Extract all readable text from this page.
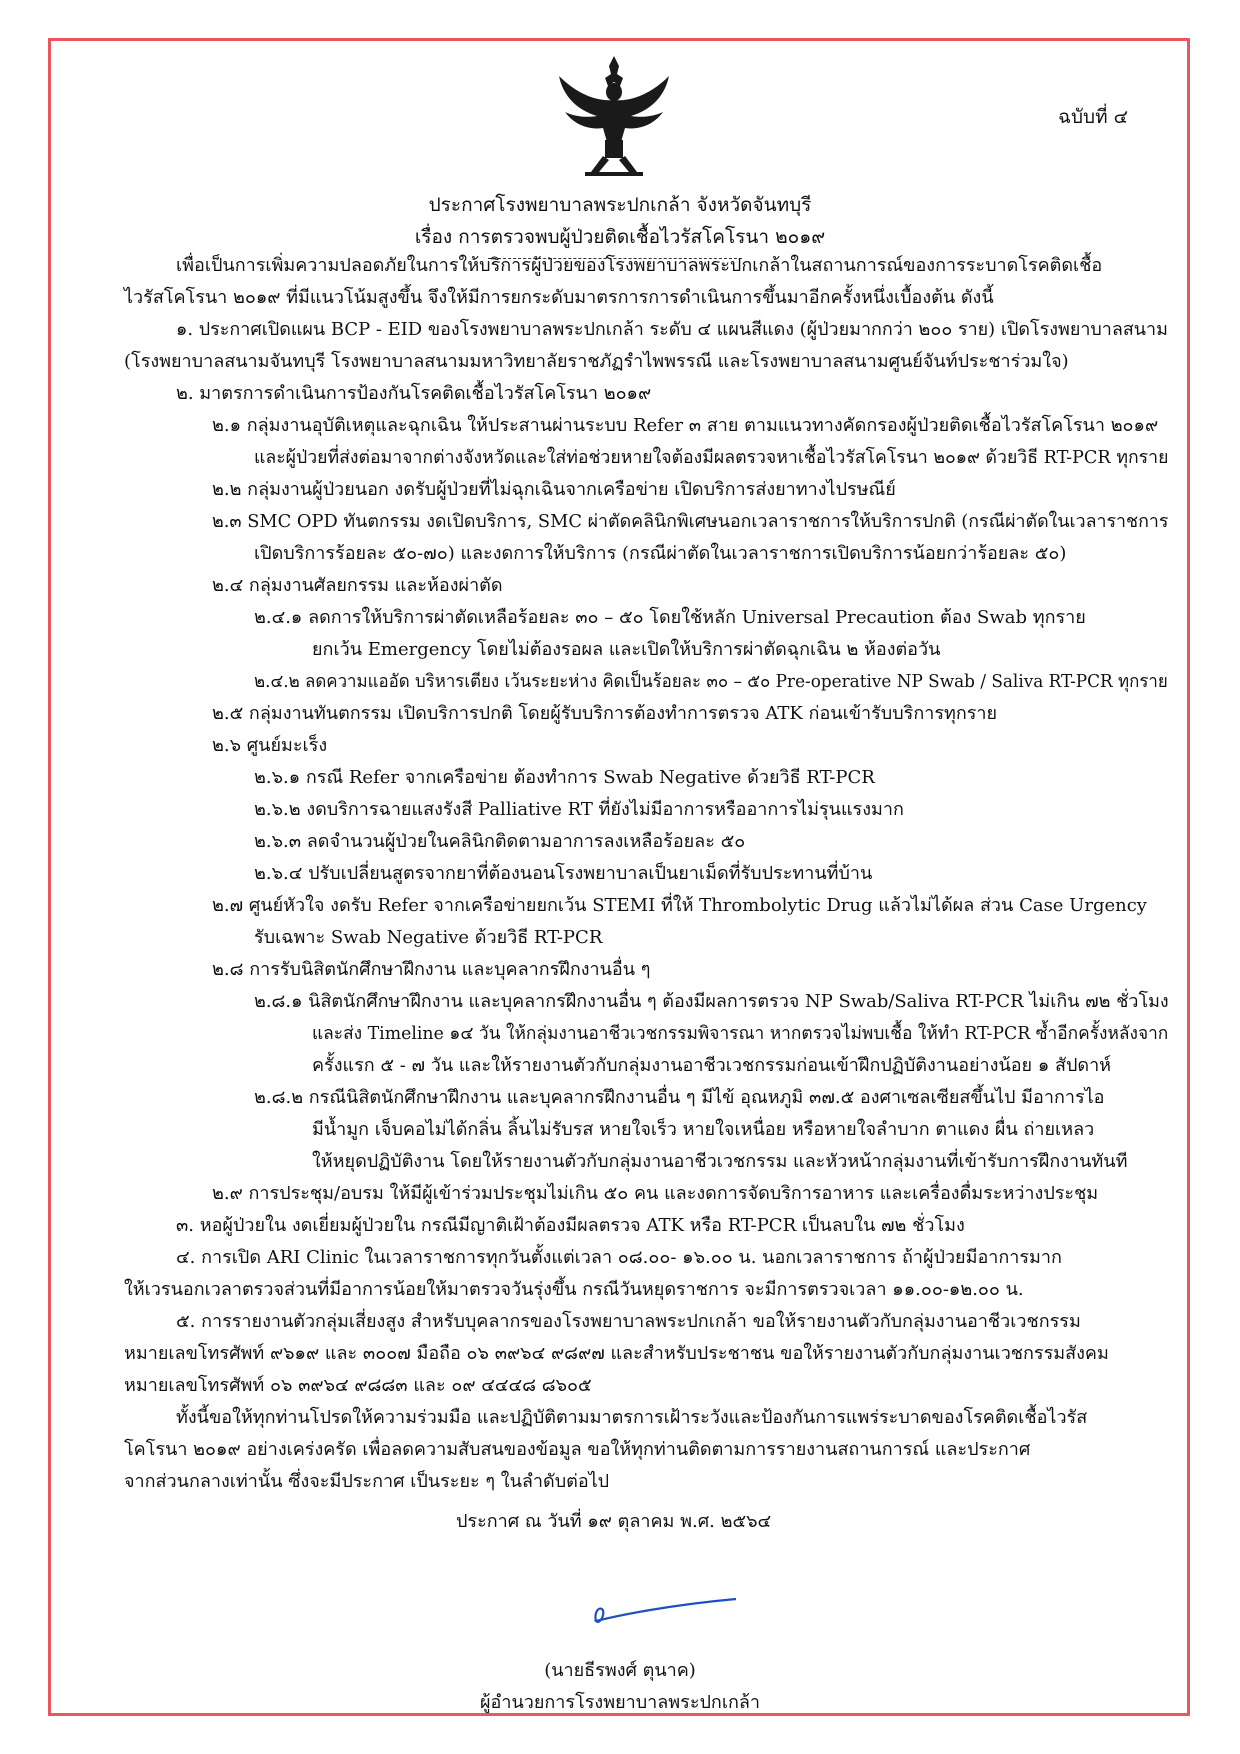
ฉบับที่ ๔
ประกาศโรงพยาบาลพระปกเกล้า จังหวัดจันทบุรี
เรื่อง การตรวจพบผู้ป่วยติดเชื้อไวรัสโคโรนา ๒๐๑๙
เพื่อเป็นการเพิ่มความปลอดภัยในการให้บริการผู้ป่วยของโรงพยาบาลพระปกเกล้าในสถานการณ์ของการระบาดโรคติดเชื้อ
ไวรัสโคโรนา ๒๐๑๙ ที่มีแนวโน้มสูงขึ้น จึงให้มีการยกระดับมาตรการการดำเนินการขึ้นมาอีกครั้งหนึ่งเบื้องต้น ดังนี้
๑. ประกาศเปิดแผน BCP - EID ของโรงพยาบาลพระปกเกล้า ระดับ ๔ แผนสีแดง (ผู้ป่วยมากกว่า ๒๐๐ ราย) เปิดโรงพยาบาลสนาม
(โรงพยาบาลสนามจันทบุรี โรงพยาบาลสนามมหาวิทยาลัยราชภัฏรำไพพรรณี และโรงพยาบาลสนามศูนย์จันท์ประชาร่วมใจ)
๒. มาตรการดำเนินการป้องกันโรคติดเชื้อไวรัสโคโรนา ๒๐๑๙
๒.๑ กลุ่มงานอุบัติเหตุและฉุกเฉิน ให้ประสานผ่านระบบ Refer ๓ สาย ตามแนวทางคัดกรองผู้ป่วยติดเชื้อไวรัสโคโรนา ๒๐๑๙
และผู้ป่วยที่ส่งต่อมาจากต่างจังหวัดและใส่ท่อช่วยหายใจต้องมีผลตรวจหาเชื้อไวรัสโคโรนา ๒๐๑๙ ด้วยวิธี RT-PCR ทุกราย
๒.๒ กลุ่มงานผู้ป่วยนอก งดรับผู้ป่วยที่ไม่ฉุกเฉินจากเครือข่าย เปิดบริการส่งยาทางไปรษณีย์
๒.๓ SMC OPD ทันตกรรม งดเปิดบริการ, SMC ผ่าตัดคลินิกพิเศษนอกเวลาราชการให้บริการปกติ (กรณีผ่าตัดในเวลาราชการ
เปิดบริการร้อยละ ๕๐-๗๐) และงดการให้บริการ (กรณีผ่าตัดในเวลาราชการเปิดบริการน้อยกว่าร้อยละ ๕๐)
๒.๔ กลุ่มงานศัลยกรรม และห้องผ่าตัด
๒.๔.๑ ลดการให้บริการผ่าตัดเหลือร้อยละ ๓๐ – ๕๐ โดยใช้หลัก Universal Precaution ต้อง Swab ทุกราย
ยกเว้น Emergency โดยไม่ต้องรอผล และเปิดให้บริการผ่าตัดฉุกเฉิน ๒ ห้องต่อวัน
๒.๔.๒ ลดความแออัด บริหารเตียง เว้นระยะห่าง คิดเป็นร้อยละ ๓๐ – ๕๐ Pre-operative NP Swab / Saliva RT-PCR ทุกราย
๒.๕ กลุ่มงานทันตกรรม เปิดบริการปกติ โดยผู้รับบริการต้องทำการตรวจ ATK ก่อนเข้ารับบริการทุกราย
๒.๖ ศูนย์มะเร็ง
๒.๖.๑ กรณี Refer จากเครือข่าย ต้องทำการ Swab Negative ด้วยวิธี RT-PCR
๒.๖.๒ งดบริการฉายแสงรังสี Palliative RT ที่ยังไม่มีอาการหรืออาการไม่รุนแรงมาก
๒.๖.๓ ลดจำนวนผู้ป่วยในคลินิกติดตามอาการลงเหลือร้อยละ ๕๐
๒.๖.๔ ปรับเปลี่ยนสูตรจากยาที่ต้องนอนโรงพยาบาลเป็นยาเม็ดที่รับประทานที่บ้าน
๒.๗ ศูนย์หัวใจ งดรับ Refer จากเครือข่ายยกเว้น STEMI ที่ให้ Thrombolytic Drug แล้วไม่ได้ผล ส่วน Case Urgency
รับเฉพาะ Swab Negative ด้วยวิธี RT-PCR
๒.๘ การรับนิสิตนักศึกษาฝึกงาน และบุคลากรฝึกงานอื่น ๆ
๒.๘.๑ นิสิตนักศึกษาฝึกงาน และบุคลากรฝึกงานอื่น ๆ ต้องมีผลการตรวจ NP Swab/Saliva RT-PCR ไม่เกิน ๗๒ ชั่วโมง
และส่ง Timeline ๑๔ วัน ให้กลุ่มงานอาชีวเวชกรรมพิจารณา หากตรวจไม่พบเชื้อ ให้ทำ RT-PCR ซ้ำอีกครั้งหลังจาก
ครั้งแรก ๕ - ๗ วัน และให้รายงานตัวกับกลุ่มงานอาชีวเวชกรรมก่อนเข้าฝึกปฏิบัติงานอย่างน้อย ๑ สัปดาห์
๒.๘.๒ กรณีนิสิตนักศึกษาฝึกงาน และบุคลากรฝึกงานอื่น ๆ มีไข้ อุณหภูมิ ๓๗.๕ องศาเซลเซียสขึ้นไป มีอาการไอ
มีน้ำมูก เจ็บคอไม่ได้กลิ่น ลิ้นไม่รับรส หายใจเร็ว หายใจเหนื่อย หรือหายใจลำบาก ตาแดง ผื่น ถ่ายเหลว
ให้หยุดปฏิบัติงาน โดยให้รายงานตัวกับกลุ่มงานอาชีวเวชกรรม และหัวหน้ากลุ่มงานที่เข้ารับการฝึกงานทันที
๒.๙ การประชุม/อบรม ให้มีผู้เข้าร่วมประชุมไม่เกิน ๕๐ คน และงดการจัดบริการอาหาร และเครื่องดื่มระหว่างประชุม
๓. หอผู้ป่วยใน งดเยี่ยมผู้ป่วยใน กรณีมีญาติเฝ้าต้องมีผลตรวจ ATK หรือ RT-PCR เป็นลบใน ๗๒ ชั่วโมง
๔. การเปิด ARI Clinic ในเวลาราชการทุกวันตั้งแต่เวลา ๐๘.๐๐- ๑๖.๐๐ น. นอกเวลาราชการ ถ้าผู้ป่วยมีอาการมาก
ให้เวรนอกเวลาตรวจส่วนที่มีอาการน้อยให้มาตรวจวันรุ่งขึ้น กรณีวันหยุดราชการ จะมีการตรวจเวลา ๑๑.๐๐-๑๒.๐๐ น.
๕. การรายงานตัวกลุ่มเสี่ยงสูง สำหรับบุคลากรของโรงพยาบาลพระปกเกล้า ขอให้รายงานตัวกับกลุ่มงานอาชีวเวชกรรม
หมายเลขโทรศัพท์ ๙๖๑๙ และ ๓๐๐๗ มือถือ ๐๖ ๓๙๖๔ ๙๘๙๗ และสำหรับประชาชน ขอให้รายงานตัวกับกลุ่มงานเวชกรรมสังคม
หมายเลขโทรศัพท์ ๐๖ ๓๙๖๔ ๙๘๘๓ และ ๐๙ ๔๔๔๘ ๘๖๐๕
ทั้งนี้ขอให้ทุกท่านโปรดให้ความร่วมมือ และปฏิบัติตามมาตรการเฝ้าระวังและป้องกันการแพร่ระบาดของโรคติดเชื้อไวรัส
โคโรนา ๒๐๑๙ อย่างเคร่งครัด เพื่อลดความสับสนของข้อมูล ขอให้ทุกท่านติดตามการรายงานสถานการณ์ และประกาศ
จากส่วนกลางเท่านั้น ซึ่งจะมีประกาศ เป็นระยะ ๆ ในลำดับต่อไป
ประกาศ ณ วันที่ ๑๙ ตุลาคม พ.ศ. ๒๕๖๔
(นายธีรพงศ์ ตุนาค)
ผู้อำนวยการโรงพยาบาลพระปกเกล้า
